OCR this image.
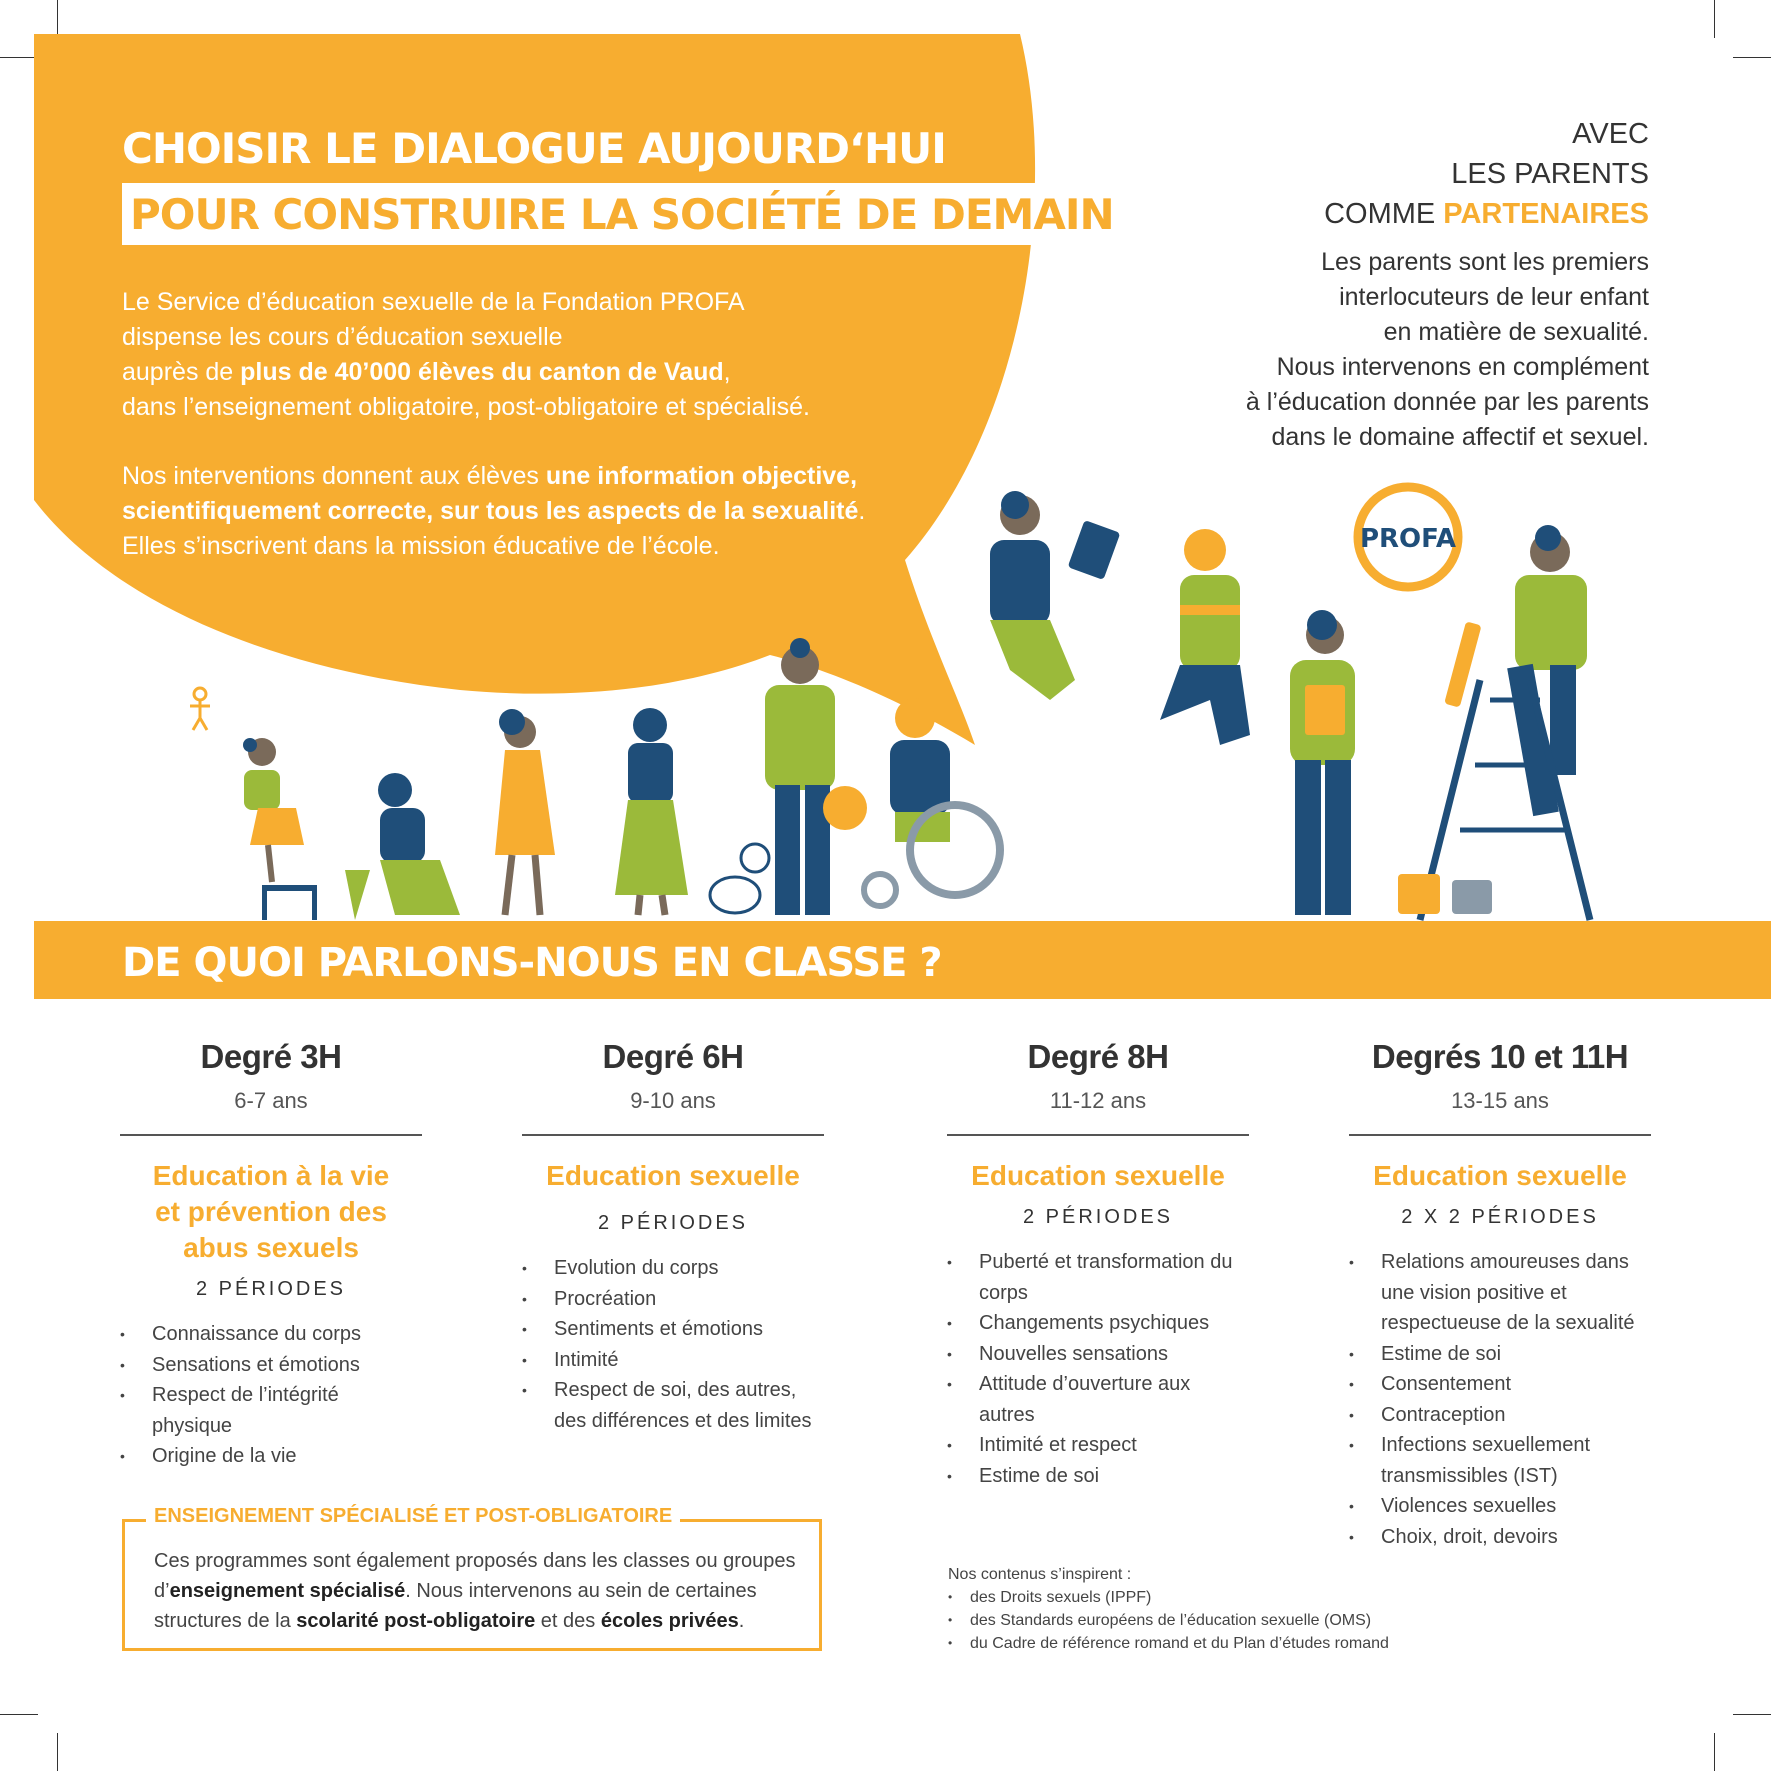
CHOISIR LE DIALOGUE AUJOURD‘HUI
POUR CONSTRUIRE LA SOCIÉTÉ DE DEMAIN
Le Service d’éducation sexuelle de la Fondation PROFA
dispense les cours d’éducation sexuelle
auprès de plus de 40’000 élèves du canton de Vaud,
dans l’enseignement obligatoire, post-obligatoire et spécialisé.
Nos interventions donnent aux élèves une information objective,
scientifiquement correcte, sur tous les aspects de la sexualité.
Elles s’inscrivent dans la mission éducative de l’école.
AVEC
LES PARENTS
COMME PARTENAIRES
Les parents sont les premiers
interlocuteurs de leur enfant
en matière de sexualité.
Nous intervenons en complément
à l’éducation donnée par les parents
dans le domaine affectif et sexuel.
PROFA
DE QUOI PARLONS-NOUS EN CLASSE ?
Degré 3H
6-7 ans
Education à la vie
et prévention des
abus sexuels
2 PÉRIODES
• Connaissance du corps
• Sensations et émotions
• Respect de l’intégrité physique
• Origine de la vie
Degré 6H
9-10 ans
Education sexuelle
2 PÉRIODES
• Evolution du corps
• Procréation
• Sentiments et émotions
• Intimité
• Respect de soi, des autres, des différences et des limites
Degré 8H
11-12 ans
Education sexuelle
2 PÉRIODES
• Puberté et transformation du corps
• Changements psychiques
• Nouvelles sensations
• Attitude d’ouverture aux autres
• Intimité et respect
• Estime de soi
Degrés 10 et 11H
13-15 ans
Education sexuelle
2 X 2 PÉRIODES
• Relations amoureuses dans une vision positive et respectueuse de la sexualité
• Estime de soi
• Consentement
• Contraception
• Infections sexuellement transmissibles (IST)
• Violences sexuelles
• Choix, droit, devoirs
ENSEIGNEMENT SPÉCIALISÉ ET POST-OBLIGATOIRE
Ces programmes sont également proposés dans les classes ou groupes
d’enseignement spécialisé. Nous intervenons au sein de certaines
structures de la scolarité post-obligatoire et des écoles privées.
Nos contenus s’inspirent :
• des Droits sexuels (IPPF)
• des Standards européens de l’éducation sexuelle (OMS)
• du Cadre de référence romand et du Plan d’études romand
